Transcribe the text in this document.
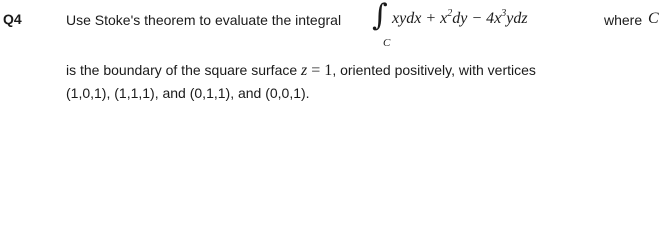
Q4	Use Stoke's theorem to evaluate the integral ∫
C
xydx + $x^2dy - 4x^3ydz$	where C
is the boundary of the square surface z = 1, oriented positively, with vertices
(1,0,1), (1,1,1), and (0,1,1), and (0,0,1).
